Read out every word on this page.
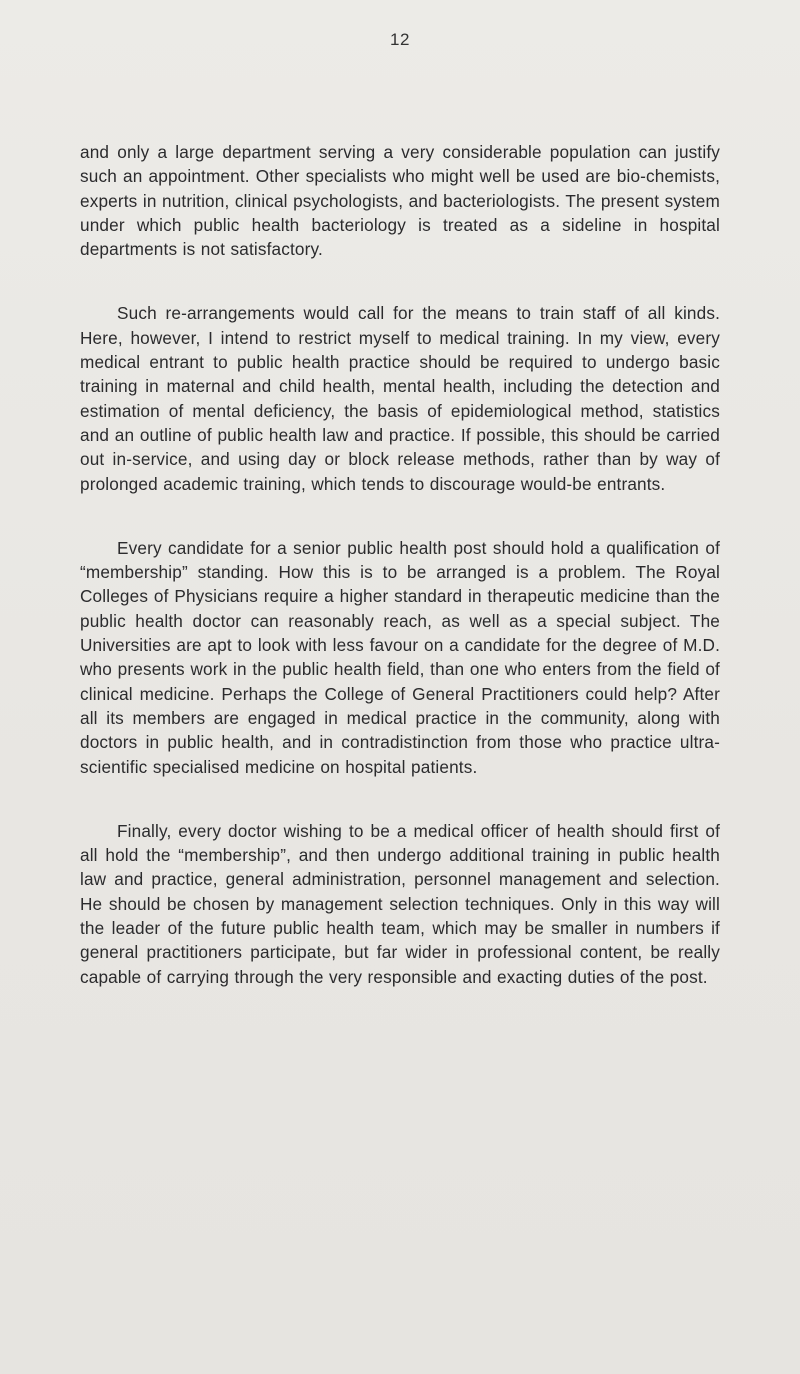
12

and only a large department serving a very considerable population can justify such an appointment. Other specialists who might well be used are bio-chemists, experts in nutrition, clinical psychologists, and bacteriologists. The present system under which public health bacteriology is treated as a sideline in hospital departments is not satisfactory.

Such re-arrangements would call for the means to train staff of all kinds. Here, however, I intend to restrict myself to medical training. In my view, every medical entrant to public health practice should be required to undergo basic training in maternal and child health, mental health, including the detection and estimation of mental deficiency, the basis of epidemiological method, statistics and an outline of public health law and practice. If possible, this should be carried out in-service, and using day or block release methods, rather than by way of prolonged academic training, which tends to discourage would-be entrants.

Every candidate for a senior public health post should hold a qualification of “membership” standing. How this is to be arranged is a problem. The Royal Colleges of Physicians require a higher standard in therapeutic medicine than the public health doctor can reasonably reach, as well as a special subject. The Universities are apt to look with less favour on a candidate for the degree of M.D. who presents work in the public health field, than one who enters from the field of clinical medicine. Perhaps the College of General Practitioners could help? After all its members are engaged in medical practice in the community, along with doctors in public health, and in contradistinction from those who practice ultra-scientific specialised medicine on hospital patients.

Finally, every doctor wishing to be a medical officer of health should first of all hold the “membership”, and then undergo additional training in public health law and practice, general administration, personnel management and selection. He should be chosen by management selection techniques. Only in this way will the leader of the future public health team, which may be smaller in numbers if general practitioners participate, but far wider in professional content, be really capable of carrying through the very responsible and exacting duties of the post.
